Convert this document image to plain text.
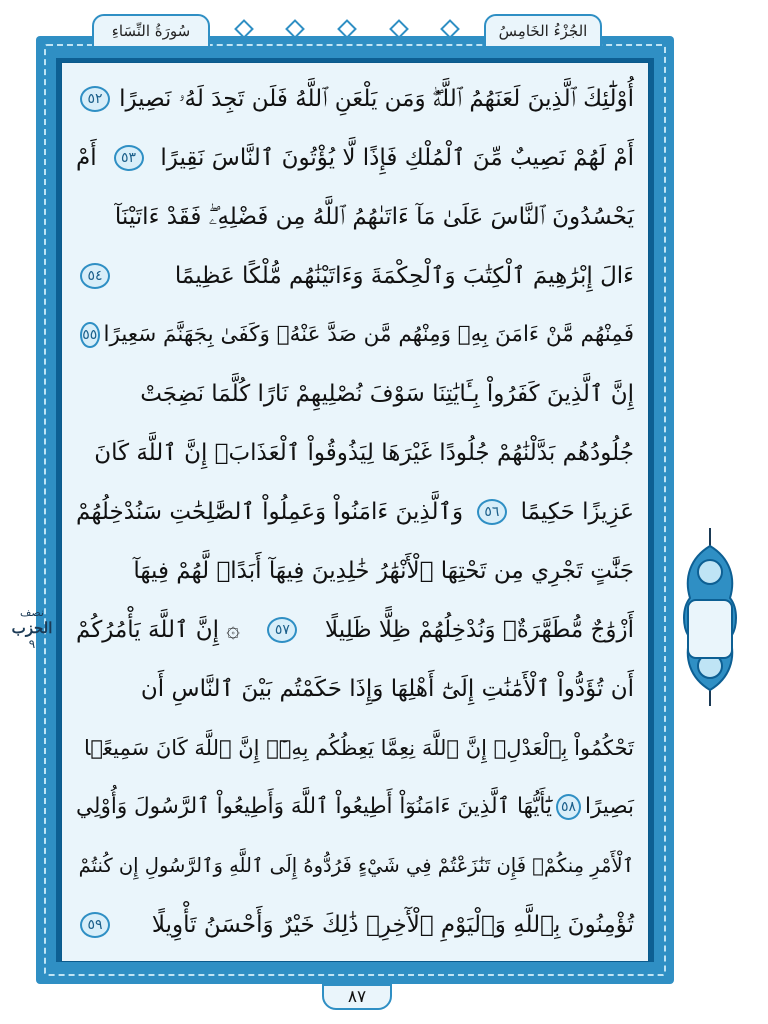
سُورَةُ النِّسَاءِ	الجُزْءُ الخَامِسُ
أُوْلَٰٓئِكَ ٱلَّذِينَ لَعَنَهُمُ ٱللَّهُۖ وَمَن يَلْعَنِ ٱللَّهُ فَلَن تَجِدَ لَهُۥ نَصِيرًا
٥٢
أَمْ لَهُمْ نَصِيبٌ مِّنَ ٱلْمُلْكِ فَإِذًا لَّا يُؤْتُونَ ٱلنَّاسَ نَقِيرًا
٥٣
أَمْ
يَحْسُدُونَ ٱلنَّاسَ عَلَىٰ مَآ ءَاتَىٰهُمُ ٱللَّهُ مِن فَضْلِهِۦۖ فَقَدْ ءَاتَيْنَآ
ءَالَ إِبْرَٰهِيمَ ٱلْكِتَٰبَ وَٱلْحِكْمَةَ وَءَاتَيْنَٰهُم مُّلْكًا عَظِيمًا
٥٤
فَمِنْهُم مَّنْ ءَامَنَ بِهِۦ وَمِنْهُم مَّن صَدَّ عَنْهُۚ وَكَفَىٰ بِجَهَنَّمَ سَعِيرًا
٥٥
إِنَّ ٱلَّذِينَ كَفَرُواْ بِـَٔايَٰتِنَا سَوْفَ نُصْلِيهِمْ نَارًا كُلَّمَا نَضِجَتْ
جُلُودُهُم بَدَّلْنَٰهُمْ جُلُودًا غَيْرَهَا لِيَذُوقُواْ ٱلْعَذَابَۗ إِنَّ ٱللَّهَ كَانَ
عَزِيزًا حَكِيمًا
٥٦
وَٱلَّذِينَ ءَامَنُواْ وَعَمِلُواْ ٱلصَّٰلِحَٰتِ سَنُدْخِلُهُمْ
جَنَّٰتٍ تَجْرِي مِن تَحْتِهَا ٱلْأَنْهَٰرُ خَٰلِدِينَ فِيهَآ أَبَدًاۖ لَّهُمْ فِيهَآ
أَزْوَٰجٌ مُّطَهَّرَةٌۖ وَنُدْخِلُهُمْ ظِلًّا ظَلِيلًا
٥٧
۞ إِنَّ ٱللَّهَ يَأْمُرُكُمْ
أَن تُؤَدُّواْ ٱلْأَمَٰنَٰتِ إِلَىٰٓ أَهْلِهَا وَإِذَا حَكَمْتُم بَيْنَ ٱلنَّاسِ أَن
تَحْكُمُواْ بِٱلْعَدْلِۚ إِنَّ ٱللَّهَ نِعِمَّا يَعِظُكُم بِهِۦٓۗ إِنَّ ٱللَّهَ كَانَ سَمِيعًۢا
بَصِيرًا
٥٨
يَٰٓأَيُّهَا ٱلَّذِينَ ءَامَنُوٓاْ أَطِيعُواْ ٱللَّهَ وَأَطِيعُواْ ٱلرَّسُولَ وَأُوْلِي
ٱلْأَمْرِ مِنكُمْۖ فَإِن تَنَٰزَعْتُمْ فِي شَيْءٍ فَرُدُّوهُ إِلَى ٱللَّهِ وَٱلرَّسُولِ إِن كُنتُمْ
تُؤْمِنُونَ بِٱللَّهِ وَٱلْيَوْمِ ٱلْأٓخِرِۚ ذَٰلِكَ خَيْرٌ وَأَحْسَنُ تَأْوِيلًا
٥٩
٨٧
نصف
الحزب
٩
